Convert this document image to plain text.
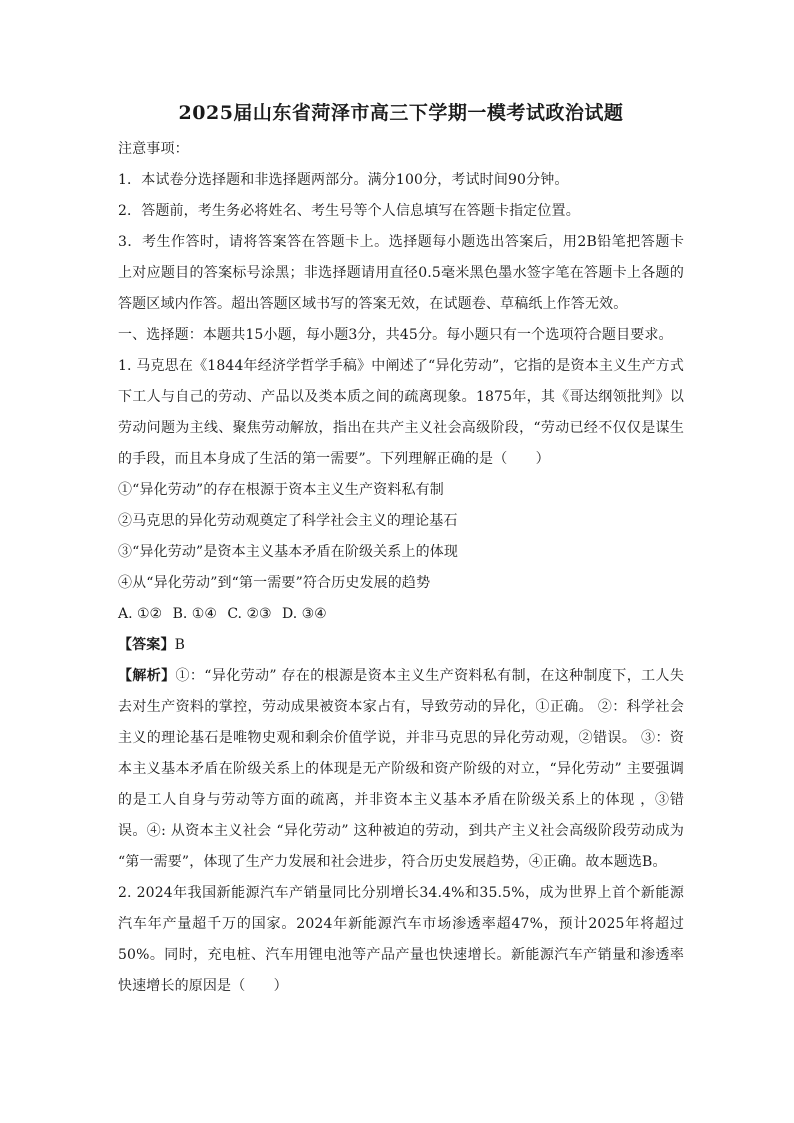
2025届山东省菏泽市高三下学期一模考试政治试题
注意事项：
1．本试卷分选择题和非选择题两部分。满分100分，考试时间90分钟。
2．答题前，考生务必将姓名、考生号等个人信息填写在答题卡指定位置。
3．考生作答时，请将答案答在答题卡上。选择题每小题选出答案后，用2B铅笔把答题卡上对应题目的答案标号涂黑；非选择题请用直径0.5毫米黑色墨水签字笔在答题卡上各题的答题区域内作答。超出答题区域书写的答案无效，在试题卷、草稿纸上作答无效。
一、选择题：本题共15小题，每小题3分，共45分。每小题只有一个选项符合题目要求。
1. 马克思在《1844年经济学哲学手稿》中阐述了“异化劳动”，它指的是资本主义生产方式下工人与自己的劳动、产品以及类本质之间的疏离现象。1875年，其《哥达纲领批判》以劳动问题为主线、聚焦劳动解放，指出在共产主义社会高级阶段，“劳动已经不仅仅是谋生的手段，而且本身成了生活的第一需要”。下列理解正确的是（　　）
①“异化劳动”的存在根源于资本主义生产资料私有制
②马克思的异化劳动观奠定了科学社会主义的理论基石
③“异化劳动”是资本主义基本矛盾在阶级关系上的体现
④从“异化劳动”到“第一需要”符合历史发展的趋势
A. ①② B. ①④ C. ②③ D. ③④
【答案】B
【解析】①：“异化劳动” 存在的根源是资本主义生产资料私有制，在这种制度下，工人失去对生产资料的掌控，劳动成果被资本家占有，导致劳动的异化，①正确。 ②：科学社会主义的理论基石是唯物史观和剩余价值学说，并非马克思的异化劳动观，②错误。 ③：资本主义基本矛盾在阶级关系上的体现是无产阶级和资产阶级的对立，“异化劳动” 主要强调的是工人自身与劳动等方面的疏离，并非资本主义基本矛盾在阶级关系上的体现 ，③错误。④: 从资本主义社会 “异化劳动” 这种被迫的劳动，到共产主义社会高级阶段劳动成为 “第一需要”，体现了生产力发展和社会进步，符合历史发展趋势，④正确。故本题选B。
2. 2024年我国新能源汽车产销量同比分别增长34.4%和35.5%，成为世界上首个新能源汽车年产量超千万的国家。2024年新能源汽车市场渗透率超47%，预计2025年将超过50%。同时，充电桩、汽车用锂电池等产品产量也快速增长。新能源汽车产销量和渗透率快速增长的原因是（　　）
